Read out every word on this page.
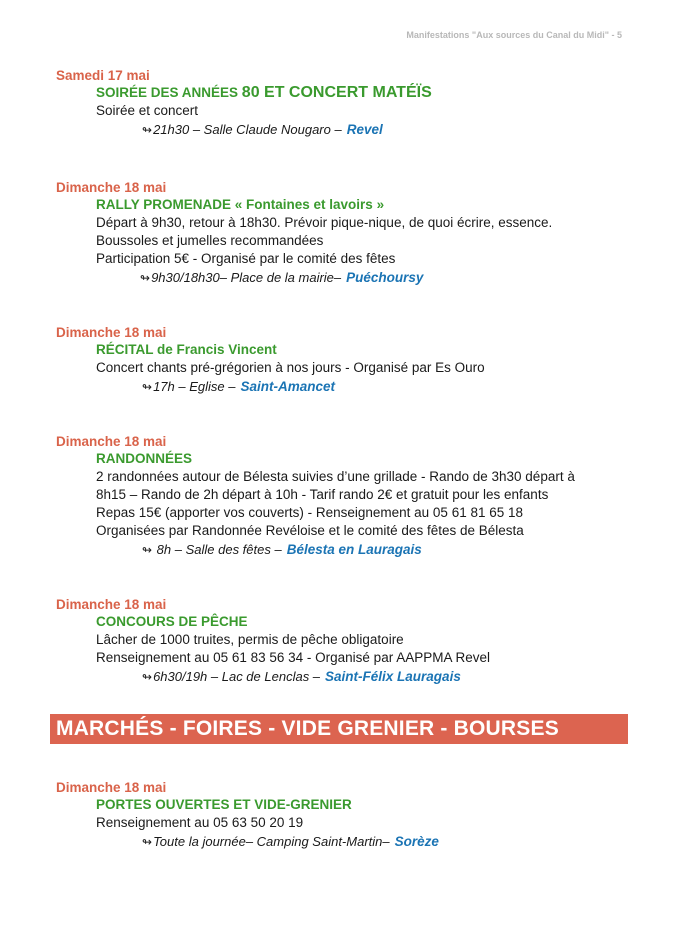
Manifestations "Aux sources du Canal du Midi" - 5
Samedi 17 mai
SOIRÉE DES ANNÉES 80 ET CONCERT MATÉÏS
Soirée et concert
↬21h30 – Salle Claude Nougaro – Revel
Dimanche 18 mai
RALLY PROMENADE « Fontaines et lavoirs »
Départ à 9h30, retour à 18h30. Prévoir pique-nique, de quoi écrire, essence.
Boussoles et jumelles recommandées
Participation 5€ - Organisé par le comité des fêtes
↬9h30/18h30– Place de la mairie– Puéchoursy
Dimanche 18 mai
RÉCITAL de Francis Vincent
Concert chants pré-grégorien à nos jours - Organisé par Es Ouro
↬17h – Eglise – Saint-Amancet
Dimanche 18 mai
RANDONNÉES
2 randonnées autour de Bélesta suivies d’une grillade - Rando de 3h30 départ à
8h15 – Rando de 2h départ à 10h - Tarif rando 2€ et gratuit pour les enfants
Repas 15€ (apporter vos couverts) - Renseignement au 05 61 81 65 18
Organisées par Randonnée Revéloise et le comité des fêtes de Bélesta
↬ 8h – Salle des fêtes – Bélesta en Lauragais
Dimanche 18 mai
CONCOURS DE PÊCHE
Lâcher de 1000 truites, permis de pêche obligatoire
Renseignement au 05 61 83 56 34 - Organisé par AAPPMA Revel
↬6h30/19h – Lac de Lenclas – Saint-Félix Lauragais
MARCHÉS - FOIRES - VIDE GRENIER - BOURSES
Dimanche 18 mai
PORTES OUVERTES ET VIDE-GRENIER
Renseignement au 05 63 50 20 19
↬Toute la journée– Camping Saint-Martin– Sorèze
